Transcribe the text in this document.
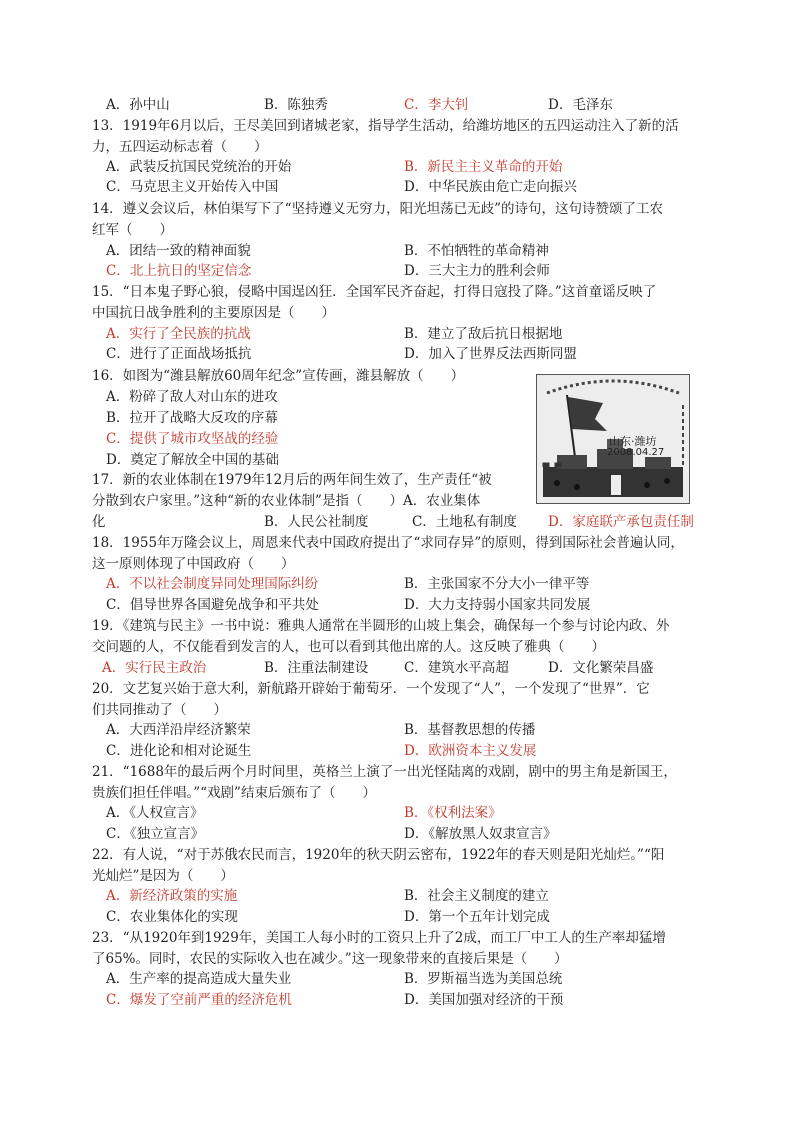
A．孙中山	B．陈独秀	C．李大钊	D．毛泽东
13．1919年6月以后，王尽美回到诸城老家，指导学生活动，给潍坊地区的五四运动注入了新的活
力，五四运动标志着（　　）
A．武装反抗国民党统治的开始	B．新民主主义革命的开始
C．马克思主义开始传入中国	D．中华民族由危亡走向振兴
14．遵义会议后，林伯渠写下了“坚持遵义无穷力，阳光坦荡已无歧”的诗句，这句诗赞颂了工农
红军（　　）
A．团结一致的精神面貌	B．不怕牺牲的革命精神
C．北上抗日的坚定信念	D．三大主力的胜利会师
15．“日本鬼子野心狼，侵略中国逞凶狂．全国军民齐奋起，打得日寇投了降。”这首童谣反映了
中国抗日战争胜利的主要原因是（　　）
A．实行了全民族的抗战	B．建立了敌后抗日根据地
C．进行了正面战场抵抗	D．加入了世界反法西斯同盟
16．如图为“潍县解放60周年纪念”宣传画，潍县解放（　　）
A．粉碎了敌人对山东的进攻
B．拉开了战略大反攻的序幕
C．提供了城市攻坚战的经验
D．奠定了解放全中国的基础
山东·潍坊
2008.04.27
17．新的农业体制在1979年12月后的两年间生效了，生产责任“被
分散到农户家里。”这种“新的农业体制”是指（　　）A．农业集体
化	B．人民公社制度	C．土地私有制度 D．家庭联产承包责任制
18．1955年万隆会议上，周恩来代表中国政府提出了“求同存异”的原则，得到国际社会普遍认同，
这一原则体现了中国政府（　　）
A．不以社会制度异同处理国际纠纷	B．主张国家不分大小一律平等
C．倡导世界各国避免战争和平共处	D．大力支持弱小国家共同发展
19．《建筑与民主》一书中说：雅典人通常在半圆形的山坡上集会，确保每一个参与讨论内政、外
交问题的人，不仅能看到发言的人，也可以看到其他出席的人。这反映了雅典（　　）
A．实行民主政治	B．注重法制建设	C．建筑水平高超	D．文化繁荣昌盛
20．文艺复兴始于意大利，新航路开辟始于葡萄牙．一个发现了“人”，一个发现了“世界”．它
们共同推动了（　　）
A．大西洋沿岸经济繁荣	B．基督教思想的传播
C．进化论和相对论诞生	D．欧洲资本主义发展
21．“1688年的最后两个月时间里，英格兰上演了一出光怪陆离的戏剧，剧中的男主角是新国王，
贵族们担任伴唱。”“戏剧”结束后颁布了（　　）
A．《人权宣言》	B．《权利法案》
C．《独立宣言》	D．《解放黑人奴隶宣言》
22．有人说，“对于苏俄农民而言，1920年的秋天阴云密布，1922年的春天则是阳光灿烂。”“阳
光灿烂”是因为（　　）
A．新经济政策的实施	B．社会主义制度的建立
C．农业集体化的实现	D．第一个五年计划完成
23．“从1920年到1929年，美国工人每小时的工资只上升了2成，而工厂中工人的生产率却猛增
了65%。同时，农民的实际收入也在减少。”这一现象带来的直接后果是（　　）
A．生产率的提高造成大量失业	B．罗斯福当选为美国总统
C．爆发了空前严重的经济危机	D．美国加强对经济的干预
